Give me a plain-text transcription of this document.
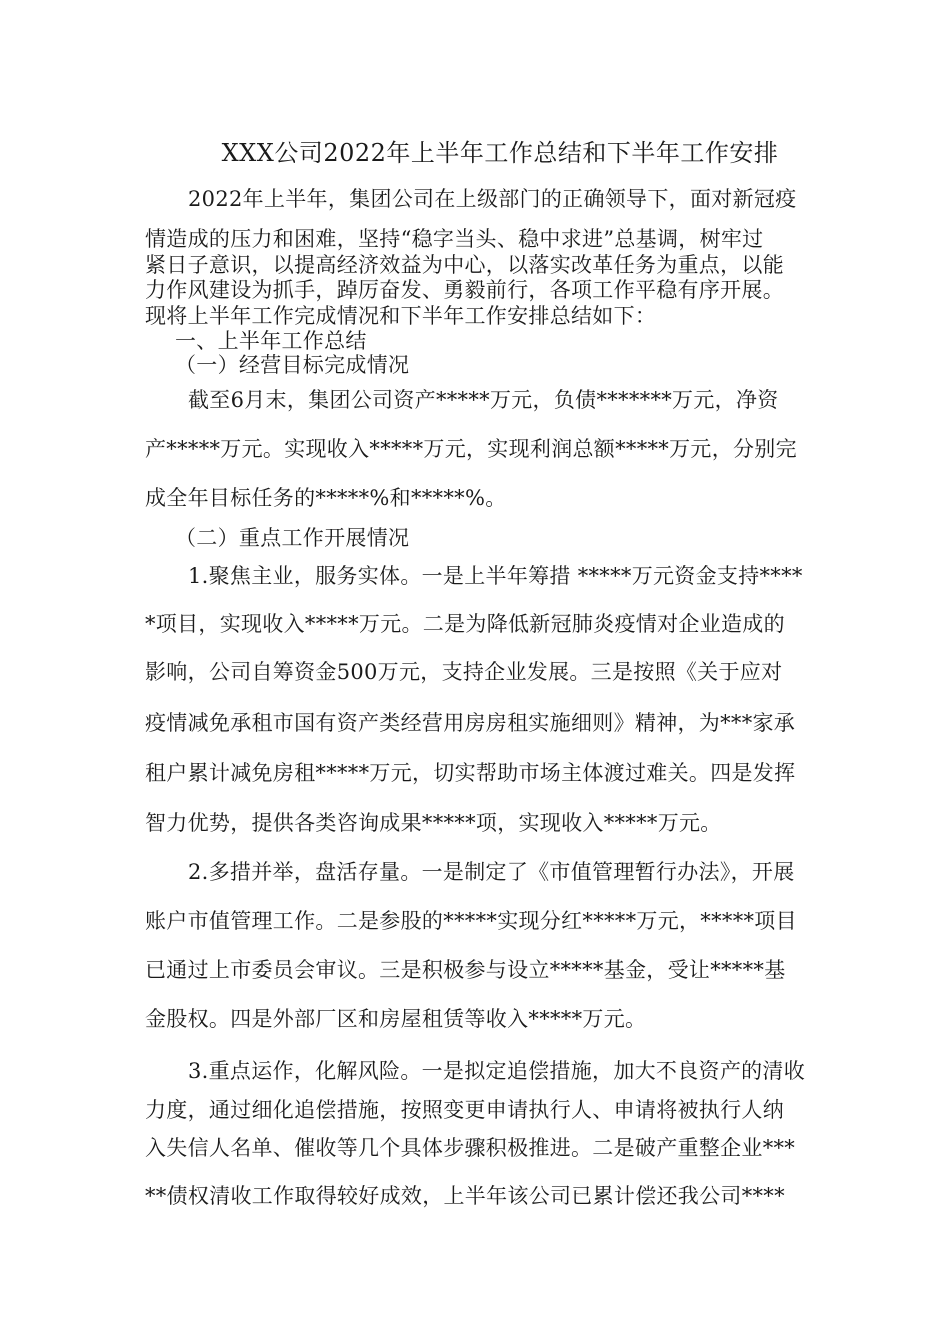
XXX公司2022年上半年工作总结和下半年工作安排
2022年上半年，集团公司在上级部门的正确领导下，面对新冠疫
情造成的压力和困难，坚持“稳字当头、稳中求进”总基调，树牢过
紧日子意识，以提高经济效益为中心，以落实改革任务为重点，以能
力作风建设为抓手，踔厉奋发、勇毅前行，各项工作平稳有序开展。
现将上半年工作完成情况和下半年工作安排总结如下：
一、上半年工作总结
（一）经营目标完成情况
截至6月末，集团公司资产*****万元，负债*******万元，净资
产*****万元。实现收入*****万元，实现利润总额*****万元，分别完
成全年目标任务的*****%和*****%。
（二）重点工作开展情况
1.聚焦主业，服务实体。一是上半年筹措 *****万元资金支持****
*项目，实现收入*****万元。二是为降低新冠肺炎疫情对企业造成的
影响，公司自筹资金500万元，支持企业发展。三是按照《关于应对
疫情减免承租市国有资产类经营用房房租实施细则》精神，为***家承
租户累计减免房租*****万元，切实帮助市场主体渡过难关。四是发挥
智力优势，提供各类咨询成果*****项，实现收入*****万元。
2.多措并举，盘活存量。一是制定了《市值管理暂行办法》，开展
账户市值管理工作。二是参股的*****实现分红*****万元，*****项目
已通过上市委员会审议。三是积极参与设立*****基金，受让*****基
金股权。四是外部厂区和房屋租赁等收入*****万元。
3.重点运作，化解风险。一是拟定追偿措施，加大不良资产的清收
力度，通过细化追偿措施，按照变更申请执行人、申请将被执行人纳
入失信人名单、催收等几个具体步骤积极推进。二是破产重整企业***
**债权清收工作取得较好成效，上半年该公司已累计偿还我公司****
